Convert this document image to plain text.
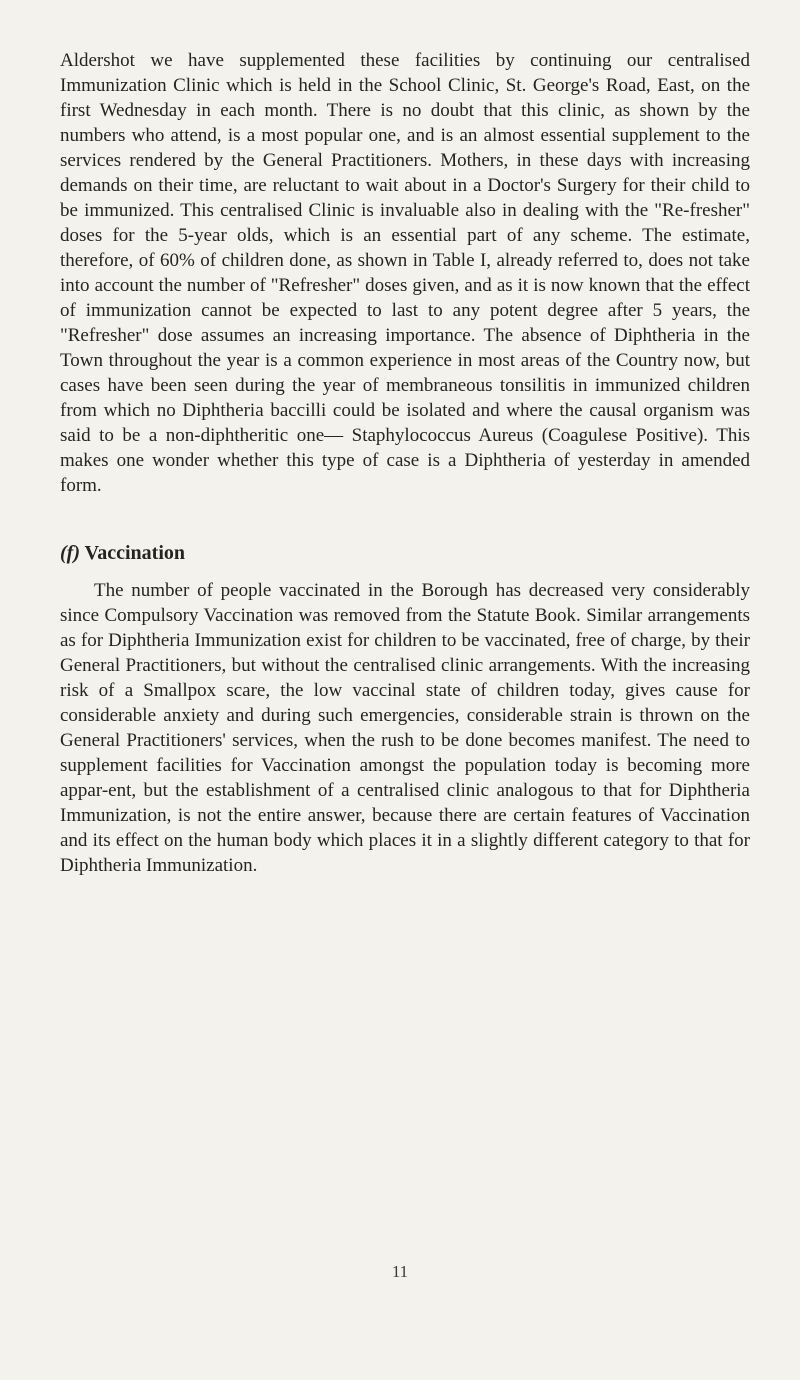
Aldershot we have supplemented these facilities by continuing our centralised Immunization Clinic which is held in the School Clinic, St. George's Road, East, on the first Wednesday in each month. There is no doubt that this clinic, as shown by the numbers who attend, is a most popular one, and is an almost essential supplement to the services rendered by the General Practitioners. Mothers, in these days with increasing demands on their time, are reluctant to wait about in a Doctor's Surgery for their child to be immunized. This centralised Clinic is invaluable also in dealing with the "Re-fresher" doses for the 5-year olds, which is an essential part of any scheme. The estimate, therefore, of 60% of children done, as shown in Table I, already referred to, does not take into account the number of "Refresher" doses given, and as it is now known that the effect of immunization cannot be expected to last to any potent degree after 5 years, the "Refresher" dose assumes an increasing importance. The absence of Diphtheria in the Town throughout the year is a common experience in most areas of the Country now, but cases have been seen during the year of membraneous tonsilitis in immunized children from which no Diphtheria baccilli could be isolated and where the causal organism was said to be a non-diphtheritic one— Staphylococcus Aureus (Coagulese Positive). This makes one wonder whether this type of case is a Diphtheria of yesterday in amended form.

(f) Vaccination

The number of people vaccinated in the Borough has decreased very considerably since Compulsory Vaccination was removed from the Statute Book. Similar arrangements as for Diphtheria Immunization exist for children to be vaccinated, free of charge, by their General Practitioners, but without the centralised clinic arrangements. With the increasing risk of a Smallpox scare, the low vaccinal state of children today, gives cause for considerable anxiety and during such emergencies, considerable strain is thrown on the General Practitioners' services, when the rush to be done becomes manifest. The need to supplement facilities for Vaccination amongst the population today is becoming more appar-ent, but the establishment of a centralised clinic analogous to that for Diphtheria Immunization, is not the entire answer, because there are certain features of Vaccination and its effect on the human body which places it in a slightly different category to that for Diphtheria Immunization.

11
